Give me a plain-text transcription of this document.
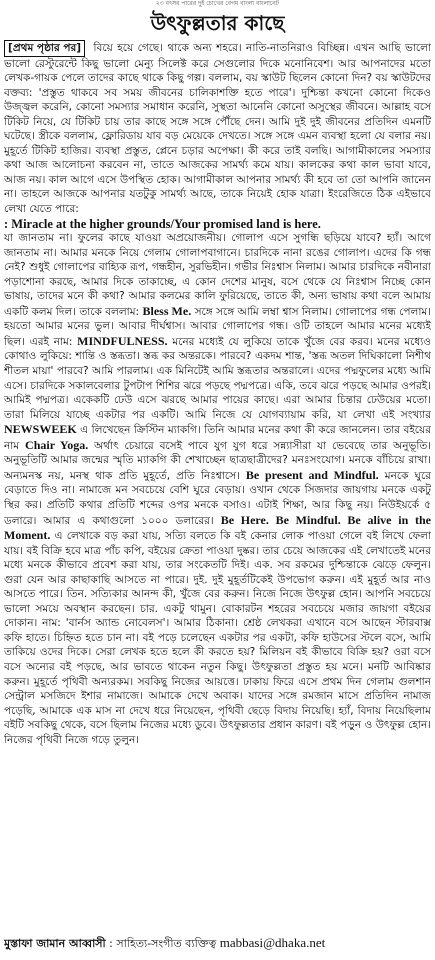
২৩ বৎসর পারের দুই চোখের বেগম বাংলা বাংলানেট
উৎফুল্লতার কাছে

[প্রথম পৃষ্ঠার পর] বিয়ে হয়ে গেছে। থাকে অন্য শহরে। নাতি-নাতনিরাও বিচ্ছিন্ন। এখন আছি ভালো ভালো রেস্টুরেন্টে কিছু ভালো মেন্যু সিলেক্ট করে সেগুলোর দিকে মনোনিবেশ। আর আপনাদের মতো লেখক-গায়ক পেলে তাদের কাছে থাকে কিছু গল্প। বললাম, বয় স্কাউট ছিলেন কোনো দিন? বয় স্কাউটদের বক্তব্য: 'প্রস্তুত থাকবে সব সময় জীবনের চালিকাশক্তি হতে পারে'। দুশ্চিন্তা কখনো কোনো দিকেও উজ্জ্বল করেনি, কোনো সমস্যার সমাধান করেনি, সুস্থতা আনেনি কোনো অসুস্থের জীবনে। আল্লাহ বসে টিকিট নিয়ে, যে টিকিট চায় তার কাছে সঙ্গে সঙ্গে পৌঁছে দেন। আমি দুই দুই জীবনের প্রতিদিন এমনটি ঘটেছে। স্ত্রীকে বললাম, ফ্লোরিডায় যাব বড় মেয়েকে দেখতে। সঙ্গে সঙ্গে এমন ব্যবস্থা হলো যে বলার নয়। মুহূর্তে টিকিট হাজির। ব্যবস্থা প্রস্তুত, প্লেনে চড়ার অপেক্ষা। কী করে তাই বলছি। আগামীকালের সমস্যার কথা আজ আলোচনা করবেন না, তাতে আজকের সামর্থ্য কমে যায়। কালকের কথা কাল ভাবা যাবে, আজ নয়। কাল আগে এসে উপস্থিত হোক। আগামীকাল আপনার সামর্থ্য কী হবে তা তো আপনি জানেন না। তাহলে আজকে আপনার যতটুকু সামর্থ্য আছে, তাকে নিয়েই হোক যাত্রা। ইংরেজিতে ঠিক এইভাবে লেখা যেতে পারে:

: Miracle at the higher grounds/Your promised land is here.

যা জানতাম না। ফুলের কাছে যাওয়া অপ্রয়োজনীয়। গোলাপ এসে সুগন্ধি ছড়িয়ে যাবে? হ্যাঁ। আগে জানতাম না। আমার মনকে নিয়ে গেলাম গোলাপবাগানে। চারদিকে নানা রঙের গোলাপ। এদের কি গন্ধ নেই? শুধুই গোলাপের বাহ্যিক রূপ, গন্ধহীন, সুরভিহীন। গভীর নিঃশ্বাস নিলাম। আমার চারদিকে নবীনারা পড়াশোনা করছে, আমার দিকে তাকাচ্ছে, এ কোন দেশের মানুষ, বসে থেকে যে নিঃশ্বাস নিচ্ছে কোন ভাষায়, তাদের মনে কী কথা? আমার কলমের কালি ফুরিয়েছে, তাতে কী, অন্য ভাষায় কথা বলে আমায় একটি কলম দিল। তাকে বললাম: Bless Me. সঙ্গে সঙ্গে আমি লম্বা শ্বাস নিলাম। গোলাপের গন্ধ পেলাম। হয়তো আমার মনের ভুল। আবার দীর্ঘশ্বাস। আবার গোলাপের গন্ধ। ওটি তাহলে আমার মনের মধ্যেই ছিল। এরই নাম: MINDFULNESS. মনের মধ্যেই যে লুকিয়ে তাকে খুঁজে বের করব। মনের মধ্যেও কোথাও লুকিয়ে: শান্তি ও স্তব্ধতা। স্তব্ধ কর অন্তরকে। পারবে? একদম শান্ত, 'স্তব্ধ অতল দিঘিকালো নিশীথ শীতল মায়া' পারবে? আমি পারলাম। এক মিনিটেই আমি স্তব্ধতার অন্তরালে। এদের পদ্মফুলের মধ্যে আমি এসে। চারদিকে সকালবেলার টুপটাপ শিশির ঝরে পড়ছে পদ্মপত্রে। একি, তবে ঝরে পড়ছে আমার ওপরই। আমিই পদ্মপত্র। একেকটি ঢেউ এসে ঝরছে আমার পায়ের কাছে। এরা আমার চিন্তার ঢেউয়ের মতো। তারা মিলিয়ে যাচ্ছে একটার পর একটি। আমি নিজে যে যোগব্যায়াম করি, যা লেখা এই সংখ্যার NEWSWEEK এ লিখেছেন ক্রিস্টিন ম্যাকগি। তিনি আমার মনের কথা কী করে জানলেন। তার বইয়ের নাম Chair Yoga. অর্থাৎ চেয়ারে বসেই পাবে যুগ যুগ ধরে সন্ন্যাসীরা যা ভেবেছে তার অনুভূতি। অনুভূতিটি আমার জন্মের স্মৃতি ম্যাকগি কী শেখাচ্ছেন ছাত্রছাত্রীদের? মনঃসংযোগ। মনকে বাঁচিয়ে রাখা। অন্যমনস্ক নয়, মনস্থ থাক প্রতি মুহূর্তে, প্রতি নিঃশ্বাসে। Be present and Mindful. মনকে ঘুরে বেড়াতে দিও না। নামাজে মন সবচেয়ে বেশি ঘুরে বেড়ায়। ওখান থেকে সিজদার জায়গায় মনকে একটু স্থির কর। প্রতিটি কথার প্রতিটি শব্দের ওপর মনকে বসাও। এটাই শিক্ষা, আর কিছু নয়। নিউইয়র্কে ৫ ডলারে। আমার এ কথাগুলো ১০০০ ডলারের। Be Here. Be Mindful. Be alive in the Moment. এ লেখাকে বড় করা যায়, সত্যি বলতে কি বই কেনার লোক পাওয়া গেলে বই লিখে ফেলা যায়। বই বিক্রি হবে মাত্র পাঁচ কপি, বইয়ের ক্রেতা পাওয়া দুষ্কর। তার চেয়ে আজকের এই লেখাতেই মনের মধ্যে মনকে কীভাবে প্রবেশ করা যায়, তার সংকেতটি দিই। এক. সব রকমের দুশ্চিন্তাকে ঝেড়ে ফেলুন। গুরা যেন আর কাছাকাছি আসতে না পারে। দুই. দুই মুহূর্তটিকেই উপভোগ করুন। এই মুহূর্ত আর নাও আসতে পারে। তিন. সত্যিকার আনন্দ কী, খুঁজে বের করুন। নিজে নিজে উৎফুল্ল হোন। আপনি সবচেয়ে ভালো সময়ে অবস্থান করছেন। চার. একটু থামুন। বোকারটন শহরের সবচেয়ে মজার জায়গা বইয়ের দোকান। নাম: 'বার্নস অ্যান্ড নোবেলস'। আমার ঠিকানা। শ্রেষ্ঠ লেখকরা এখানে বসে আছেন স্টারবাক্স কফি হাতে। চিহ্নিত হতে চান না। বই পড়ে চলেছেন একটার পর একটা, কফি হাউসের স্টলে বসে, আমি তাকিয়ে ওদের দিকে। সেরা লেখক হতে হলে কী করতে হয়? মিলিয়ন বই কীভাবে বিক্রি হয়? ওরা বসে বসে অন্যের বই পড়ছে, আর ভাবতে থাকেন নতুন কিছু। উৎফুল্লতা প্রস্তুত হয় মনে। মনটি আবিষ্কার করুন। মুহূর্তে পৃথিবী অন্যরকম। সবকিছু নিজের আয়ত্তে। ঢাকায় ফিরে এসে প্রথম দিন গেলাম গুলশান সেন্ট্রাল মসজিদে ইশার নামাজে। আমাকে দেখে অবাক। যাদের সঙ্গে রমজান মাসে প্রতিদিন নামাজ পড়েছি, আমাকে এক মাস না দেখে ধরে নিয়েছেন, পৃথিবী ছেড়ে বিদায় নিয়েছি। হ্যাঁ, বিদায় নিয়েছিলাম বইটি সবকিছু থেকে, বসে ছিলাম নিজের মধ্যে ডুবে। উৎফুল্লতার প্রধান কারণ। বই পড়ুন ও উৎফুল্ল হোন। নিজের পৃথিবী নিজে গড়ে তুলুন।

মুস্তাফা জামান আব্বাসী : সাহিত্য-সংগীত ব্যক্তিত্ব mabbasi@dhaka.net
